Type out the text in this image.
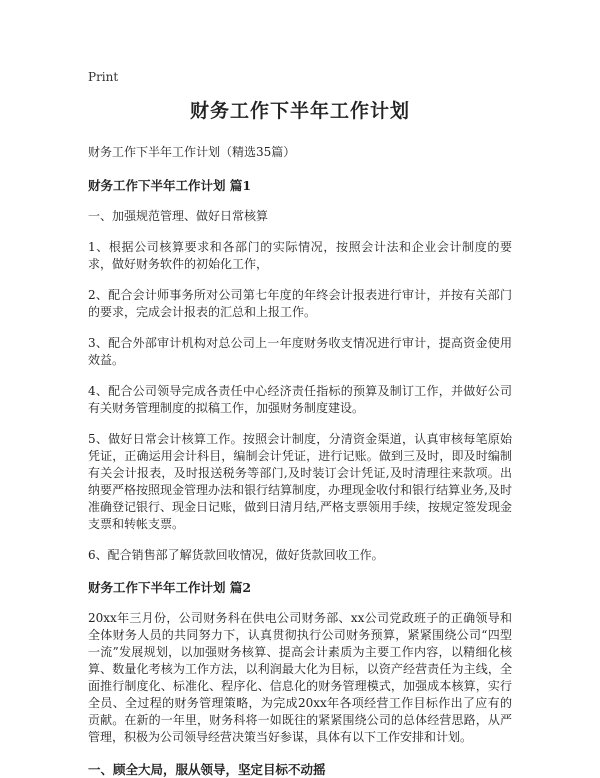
Print
财务工作下半年工作计划

财务工作下半年工作计划（精选35篇）

财务工作下半年工作计划 篇1

一、加强规范管理、做好日常核算

1、根据公司核算要求和各部门的实际情况，按照会计法和企业会计制度的要求，做好财务软件的初始化工作，

2、配合会计师事务所对公司第七年度的年终会计报表进行审计，并按有关部门的要求，完成会计报表的汇总和上报工作。

3、配合外部审计机构对总公司上一年度财务收支情况进行审计，提高资金使用效益。

4、配合公司领导完成各责任中心经济责任指标的预算及制订工作，并做好公司有关财务管理制度的拟稿工作，加强财务制度建设。

5、做好日常会计核算工作。按照会计制度，分清资金渠道，认真审核每笔原始凭证，正确运用会计科目，编制会计凭证，进行记账。做到三及时，即及时编制有关会计报表，及时报送税务等部门,及时装订会计凭证,及时清理往来款项。出纳要严格按照现金管理办法和银行结算制度，办理现金收付和银行结算业务,及时准确登记银行、现金日记账，做到日清月结,严格支票领用手续，按规定签发现金支票和转帐支票。

6、配合销售部了解货款回收情况，做好货款回收工作。

财务工作下半年工作计划 篇2

20xx年三月份，公司财务科在供电公司财务部、xx公司党政班子的正确领导和全体财务人员的共同努力下，认真贯彻执行公司财务预算，紧紧围绕公司“四型一流”发展规划，以加强财务核算、提高会计素质为主要工作内容，以精细化核算、数量化考核为工作方法，以利润最大化为目标，以资产经营责任为主线，全面推行制度化、标准化、程序化、信息化的财务管理模式，加强成本核算，实行全员、全过程的财务管理策略，为完成20xx年各项经营工作目标作出了应有的贡献。在新的一年里，财务科将一如既往的紧紧围绕公司的总体经营思路，从严管理，积极为公司领导经营决策当好参谋，具体有以下工作安排和计划。

一、顾全大局，服从领导，坚定目标不动摇
